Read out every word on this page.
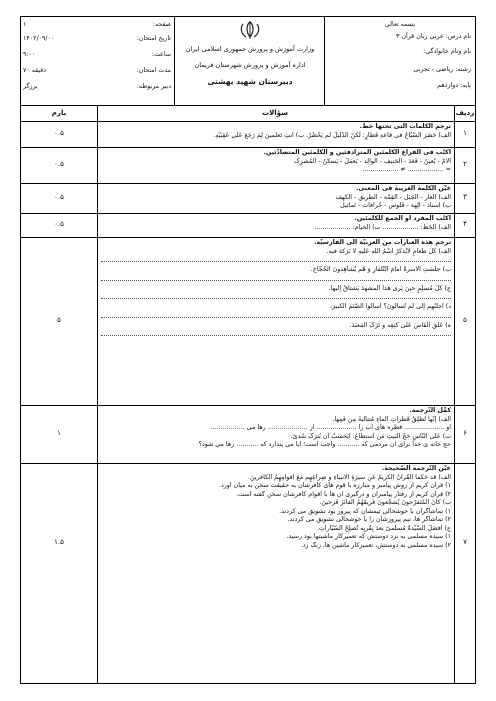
بسمه تعالی
نام درس: عربی زبان قرآن ۳
نام ونام خانوادگی:
رشته: ریاضی - تجربی
پایه: دوازدهم
وزارت آموزش و پرورش جمهوری اسلامی ایران
اداره آموزش و پرورش شهرستان فریمان
دبیرستان شهید بهشتی
صفحه:
۱
تاریخ امتحان:
۱۴۰۲/۰۹/۰۰
ساعت:
۹:۰۰
مدت امتحان:
۷۰ دقیقه
دبیر مربوطه:
برزگر
ردیف
سؤالات
بارم
۱
۰.۵
ترجم الکلمات الّتی تحتها خطّ.
الف) حَضَرَ السُّیّاحُ فی قاعةِ قَطارٍ: لکنّ الدَّلیلَ لَم یَحْضُرْ. ب) أنتِ تَعلمینَ لِمَ رَجَعَ عَلی عَقِبَیْهِ.
۲
۰.۵
أکتُب فی الفراغ الکلمتَین المترادفتَین و الکلمتَین المتضادَّتَین.
الأُمّ - یُعینُ - قَعَدَ - الحَنیف - الوالِد - یَعمَلُ - یَسکُنُ - المُشرِک
= .................. ≠ ..................
۳
۰.۵
عیِّن الکلمةَ الغریبةَ فی المعنی.
الف) الغار - الجَبَل - القِمّة - الطّریق - الکَهف
ب) أسناد - آلِهة - فُلوس - خُرافات - تَماثیل
۴
۰.۵
اُکتُب المفرد أو الجمع للکلمتَین.
الف) الحَظّ: .................. ب) الخیام: ..................
۵
۵
ترجم هذه العبارات من العربیّة الی الفارسیّة.
الف) کُلْ طَعامٍ لایُذکَرُ اسْمُ اللهِ عَلَیهِ لا بَرَکةَ فیه.
ب) جلَسَتِ الأُسرةُ أمامَ التِّلفازِ وَ هُم یُشاهِدونَ الحُجّاجَ.
ج) کُلُّ مُسلِمٍ حینَ یَری هذا المشهدَ یَشتاقُ إلیها.
د) اُجلُبُهم إلی لم تُسألونَ؟ اسألوا الصَّنَمَ الکَبیرَ.
ه) عَلَّقَ الفَأسَ عَلی کَتِفِه و تَرَکَ المَعبَدَ.
۶
۱
کمِّل التّرجمة.
الف) إنّها تُطلِقُ قَطَراتِ الماءِ مُتتالیةً مِن فَمِها.
او .................... قطره های آب را .................... از .................... رها می .................
ب) عَلی النّاسِ حَجُّ البَیتِ مَن استطاعَ: أیَحسَبُ أن یُترَکَ سُدیً.
حج خانه ی خدا برای آن مردمی که ........... واجب است؛ آیا می پندارد که ........... رها می شود؟
۷
۱.۵
عیِّن التّرجمةَ الصّحیحةَ.
الف) قد حَکَما القُرآنُ الکریمُ عَن سیرَةِ الأنبیاءِ و صِراعِهِم مَعَ أقوامِهِمُ الکافرینَ.
۱) قرآن کریم از روش پیامبر و مبارزه با قوم های کافرشان به حقیقت سخن به میان آورد.
۲) قرآن کریم از رفتار پیامبران و درگیری آن ها با اقوام کافرشان سخن گفته است.
ب) کانَ المُتَفرّجونَ یُشجِّعونَ فَریقَهُمُ الفائزَ فَرحینَ.
۱) تماشاگران با خوشحالی تیمشان که پیروز بود تشویق می کردند.
۲) تماشاگر ها، تیم پیروزشان را با خوشحالی تشویق می کردند.
ج) أفضَلُ السّیّدةُ مُسلمیّ بعدَ بِقُربِه تُصلِحُ السَّیّاراتِ.
۱) سیده مسلمی به نزد دوستش که تعمیرکار ماشینها بود رسید.
۲) سیده مسلمی به دوستش، تعمیرکار ماشین ها، زنگ زد.
